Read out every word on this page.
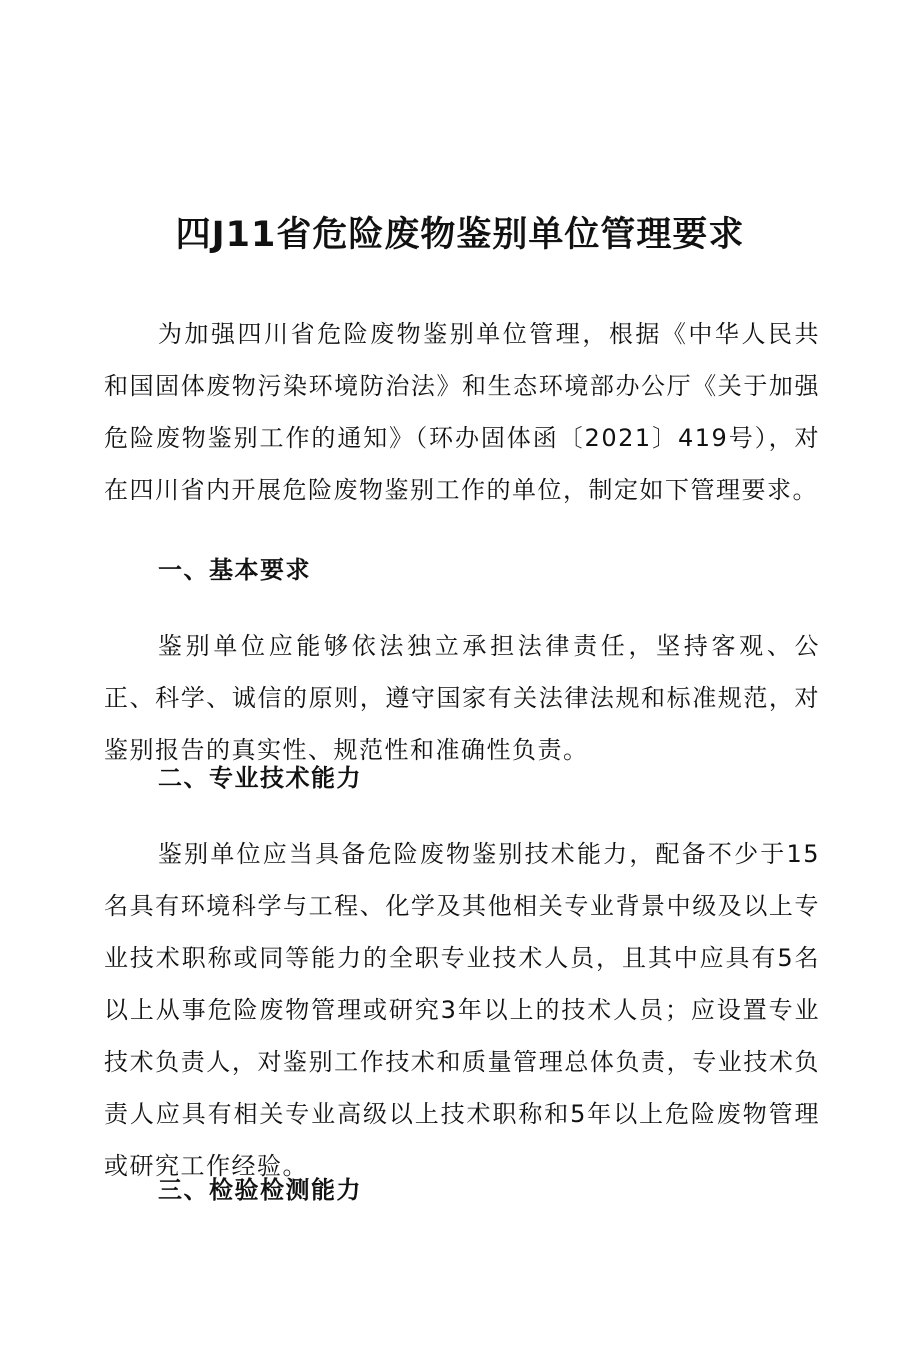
四J11省危险废物鉴别单位管理要求

为加强四川省危险废物鉴别单位管理，根据《中华人民共和国固体废物污染环境防治法》和生态环境部办公厅《关于加强危险废物鉴别工作的通知》（环办固体函〔2021〕419号），对在四川省内开展危险废物鉴别工作的单位，制定如下管理要求。

一、基本要求

鉴别单位应能够依法独立承担法律责任，坚持客观、公正、科学、诚信的原则，遵守国家有关法律法规和标准规范，对鉴别报告的真实性、规范性和准确性负责。

二、专业技术能力

鉴别单位应当具备危险废物鉴别技术能力，配备不少于15名具有环境科学与工程、化学及其他相关专业背景中级及以上专业技术职称或同等能力的全职专业技术人员，且其中应具有5名以上从事危险废物管理或研究3年以上的技术人员；应设置专业技术负责人，对鉴别工作技术和质量管理总体负责，专业技术负责人应具有相关专业高级以上技术职称和5年以上危险废物管理或研究工作经验。

三、检验检测能力
